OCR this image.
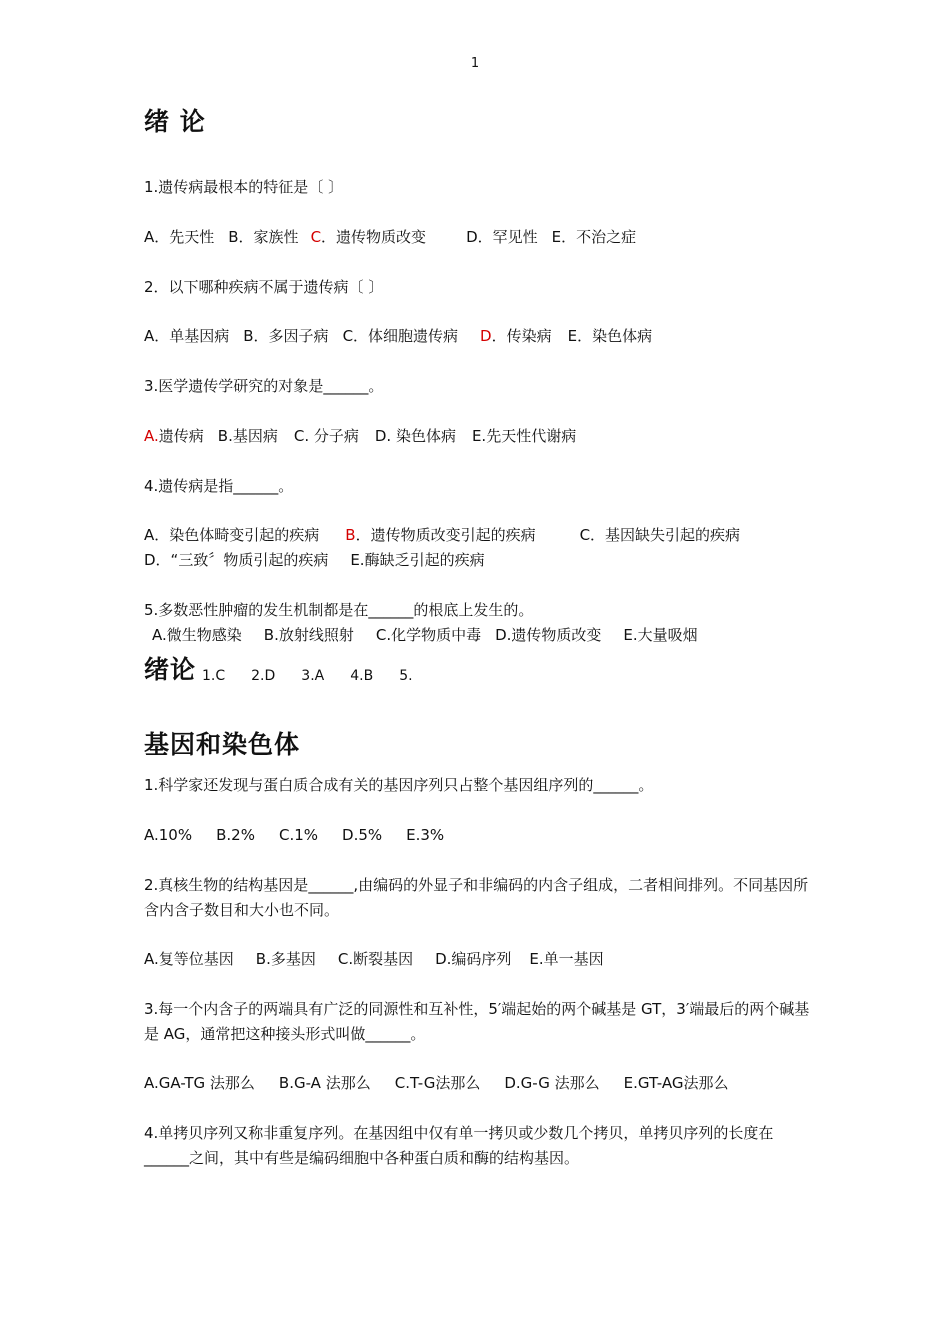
1
绪 论
1.遗传病最根本的特征是〔 〕
A．先天性 B．家族性 C．遗传物质改变	D．罕见性 E．不治之症
2．以下哪种疾病不属于遗传病〔 〕
A．单基因病 B．多因子病 C．体细胞遗传病 D．传染病 E．染色体病
3.医学遗传学研究的对象是______。
A.遗传病 B.基因病 C. 分子病 D. 染色体病 E.先天性代谢病
4.遗传病是指______。
A．染色体畸变引起的疾病 B．遗传物质改变引起的疾病	C．基因缺失引起的疾病
D．“三致〞物质引起的疾病 E.酶缺乏引起的疾病
5.多数恶性肿瘤的发生机制都是在______的根底上发生的。
A.微生物感染 B.放射线照射 C.化学物质中毒 D.遗传物质改变 E.大量吸烟
绪论 1.C 2.D 3.A 4.B 5.
基因和染色体
1.科学家还发现与蛋白质合成有关的基因序列只占整个基因组序列的______。
A.10% B.2% C.1% D.5% E.3%
2.真核生物的结构基因是______,由编码的外显子和非编码的内含子组成，二者相间排列。不同基因所含内含子数目和大小也不同。
A.复等位基因 B.多基因 C.断裂基因 D.编码序列 E.单一基因
3.每一个内含子的两端具有广泛的同源性和互补性，5′端起始的两个碱基是 GT，3′端最后的两个碱基是 AG，通常把这种接头形式叫做______。
A.GA-TG 法那么 B.G-A 法那么 C.T-G法那么 D.G-G 法那么 E.GT-AG法那么
4.单拷贝序列又称非重复序列。在基因组中仅有单一拷贝或少数几个拷贝，单拷贝序列的长度在______之间，其中有些是编码细胞中各种蛋白质和酶的结构基因。
